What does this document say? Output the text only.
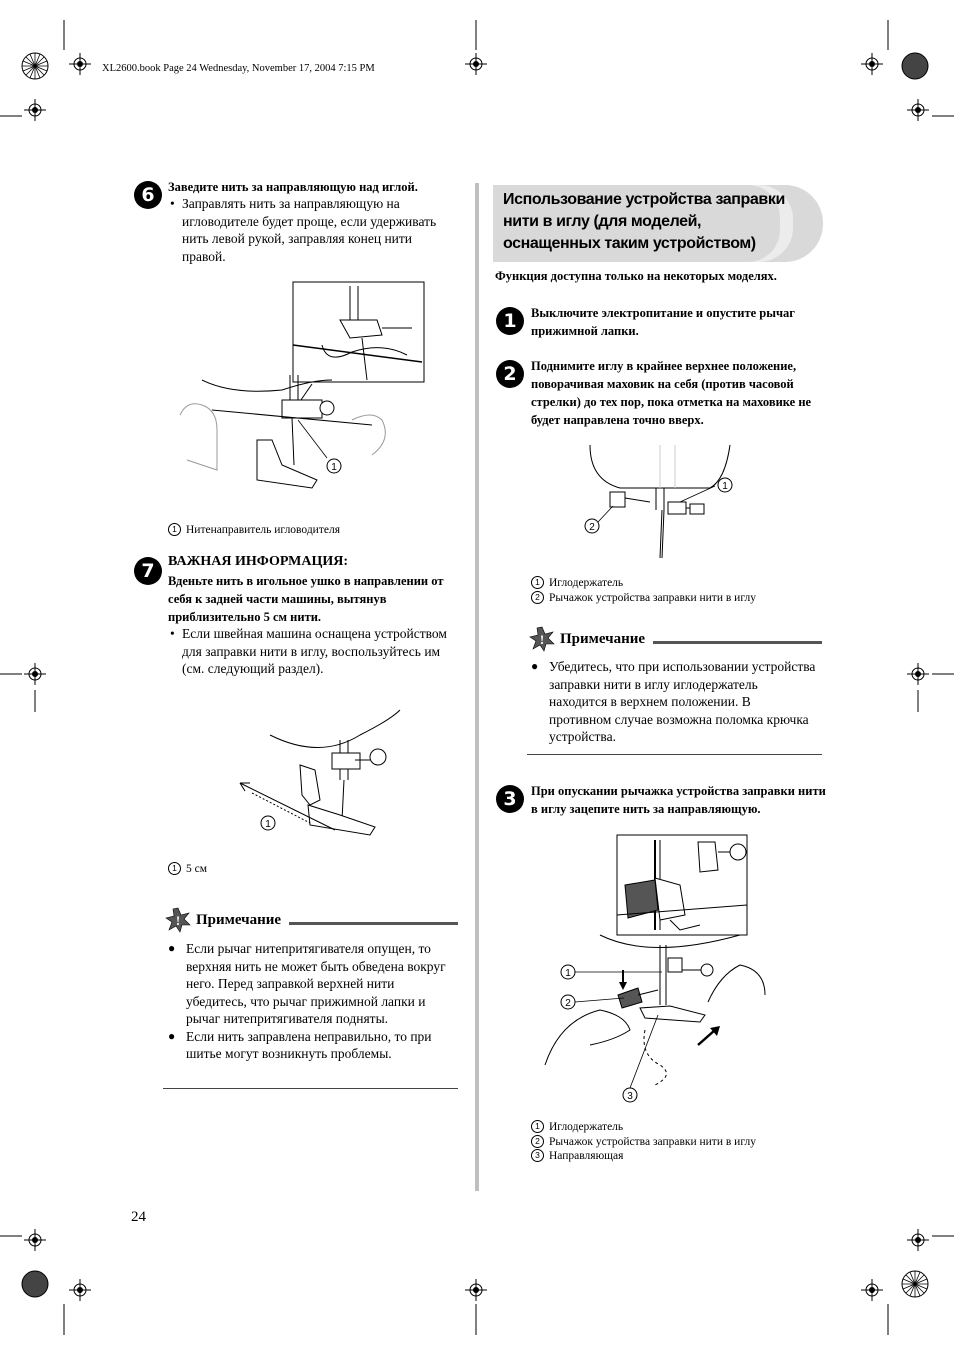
XL2600.book Page 24 Wednesday, November 17, 2004 7:15 PM
6	Заведите нить за направляющую над иглой.
• Заправлять нить за направляющую на игловодителе будет проще, если удерживать нить левой рукой, заправляя конец нити правой.
1
1 Нитенаправитель игловодителя
7 ВАЖНАЯ ИНФОРМАЦИЯ:
Вденьте нить в игольное ушко в направлении от себя к задней части машины, вытянув приблизительно 5 см нити.
• Если швейная машина оснащена устройством для заправки нити в иглу, воспользуйтесь им (см. следующий раздел).
1
1 5 см
! Примечание
● Если рычаг нитепритягивателя опущен, то верхняя нить не может быть обведена вокруг него. Перед заправкой верхней нити убедитесь, что рычаг прижимной лапки и рычаг нитепритягивателя подняты.
● Если нить заправлена неправильно, то при шитье могут возникнуть проблемы.
Использование устройства заправки нити в иглу (для моделей, оснащенных таким устройством)
Функция доступна только на некоторых моделях.
1	Выключите электропитание и опустите рычаг прижимной лапки.
2	Поднимите иглу в крайнее верхнее положение, поворачивая маховик на себя (против часовой стрелки) до тех пор, пока отметка на маховике не будет направлена точно вверх.
1
2
1 Иглодержатель
2 Рычажок устройства заправки нити в иглу
! Примечание
● Убедитесь, что при использовании устройства заправки нити в иглу иглодержатель находится в верхнем положении. В противном случае возможна поломка крючка устройства.
3	При опускании рычажка устройства заправки нити в иглу зацепите нить за направляющую.
1
2
3
1 Иглодержатель
2 Рычажок устройства заправки нити в иглу
3 Направляющая
24
